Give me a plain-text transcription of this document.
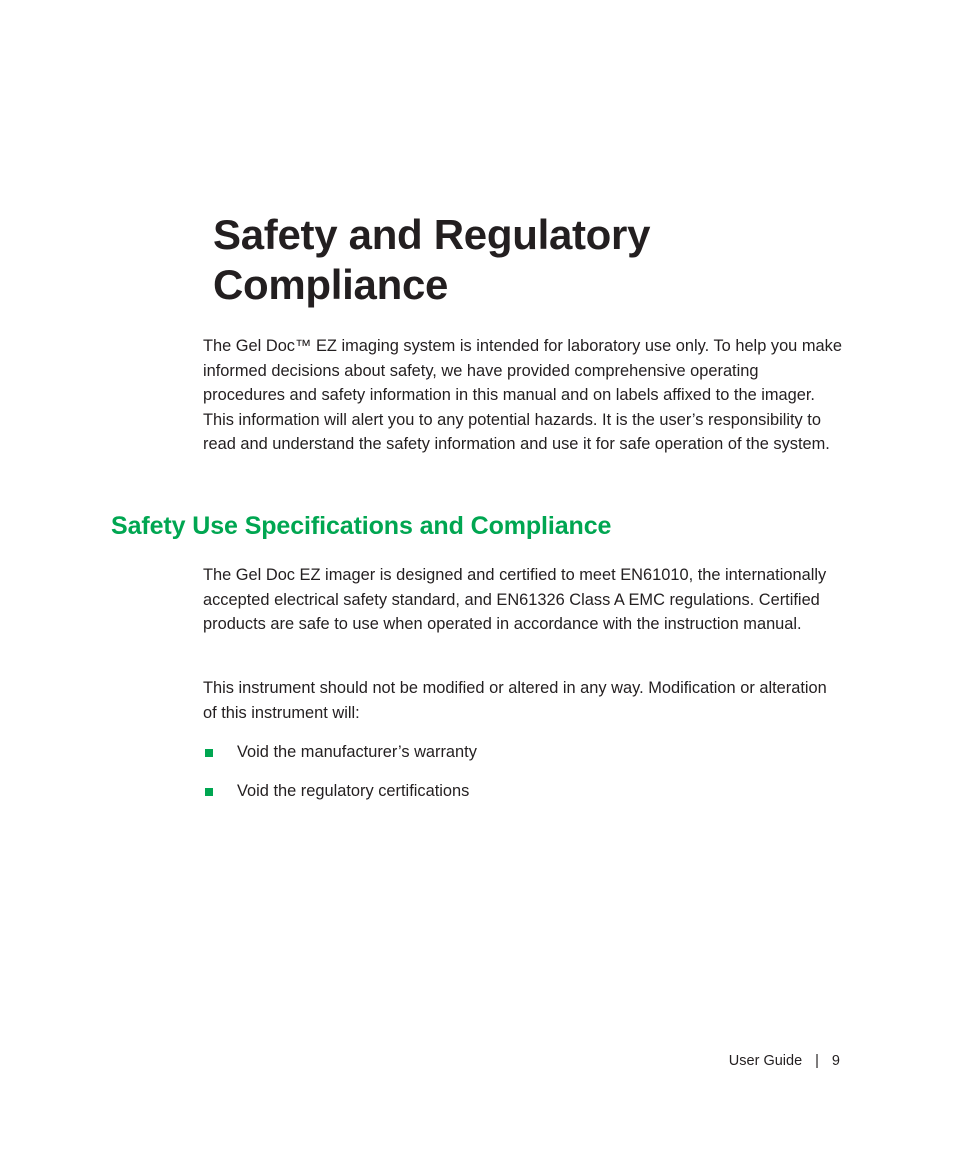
Safety and Regulatory
Compliance

The Gel Doc™ EZ imaging system is intended for laboratory use only. To help you make informed decisions about safety, we have provided comprehensive operating procedures and safety information in this manual and on labels affixed to the imager. This information will alert you to any potential hazards. It is the user’s responsibility to read and understand the safety information and use it for safe operation of the system.

Safety Use Specifications and Compliance

The Gel Doc EZ imager is designed and certified to meet EN61010, the internationally accepted electrical safety standard, and EN61326 Class A EMC regulations. Certified products are safe to use when operated in accordance with the instruction manual.

This instrument should not be modified or altered in any way. Modification or alteration of this instrument will:

Void the manufacturer’s warranty
Void the regulatory certifications
User Guide | 9
